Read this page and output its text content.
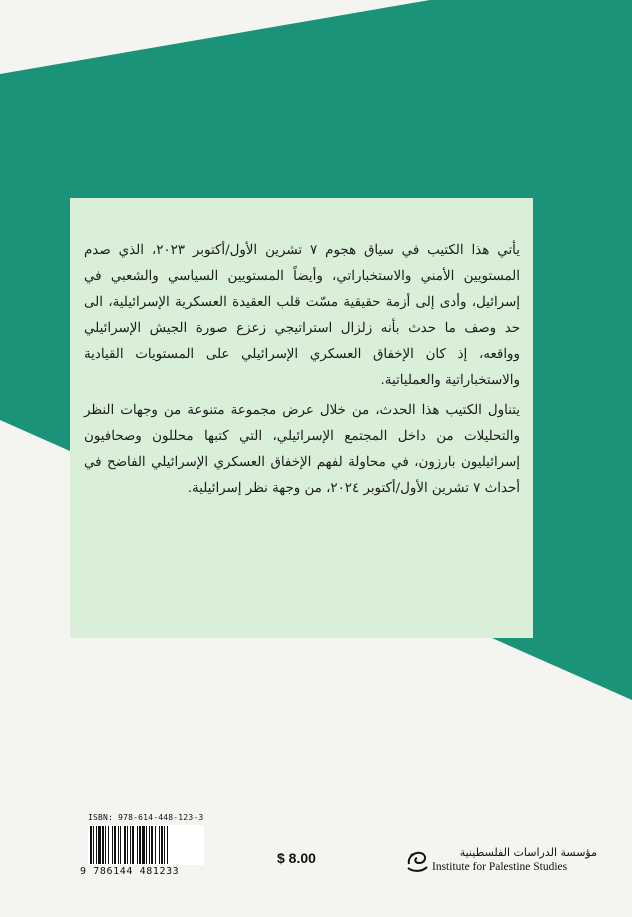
يأتي هذا الكتيب في سياق هجوم ٧ تشرين الأول/أكتوبر ٢٠٢٣، الذي صدم المستويين الأمني والاستخباراتي، وأيضاً المستويين السياسي والشعبي في إسرائيل، وأدى إلى أزمة حقيقية مسّت قلب العقيدة العسكرية الإسرائيلية، الى حد وصف ما حدث بأنه زلزال استراتيجي زعزع صورة الجيش الإسرائيلي وواقعه، إذ كان الإخفاق العسكري الإسرائيلي على المستويات القيادية والاستخباراتية والعملياتية.

يتناول الكتيب هذا الحدث، من خلال عرض مجموعة متنوعة من وجهات النظر والتحليلات من داخل المجتمع الإسرائيلي، التي كتبها محللون وصحافيون إسرائيليون بارزون، في محاولة لفهم الإخفاق العسكري الإسرائيلي الفاضح في أحداث ٧ تشرين الأول/أكتوبر ٢٠٢٤، من وجهة نظر إسرائيلية.

ISBN: 978-614-448-123-3
9 786144 481233
$ 8.00	مؤسسة الدراسات الفلسطينية
Institute for Palestine Studies
